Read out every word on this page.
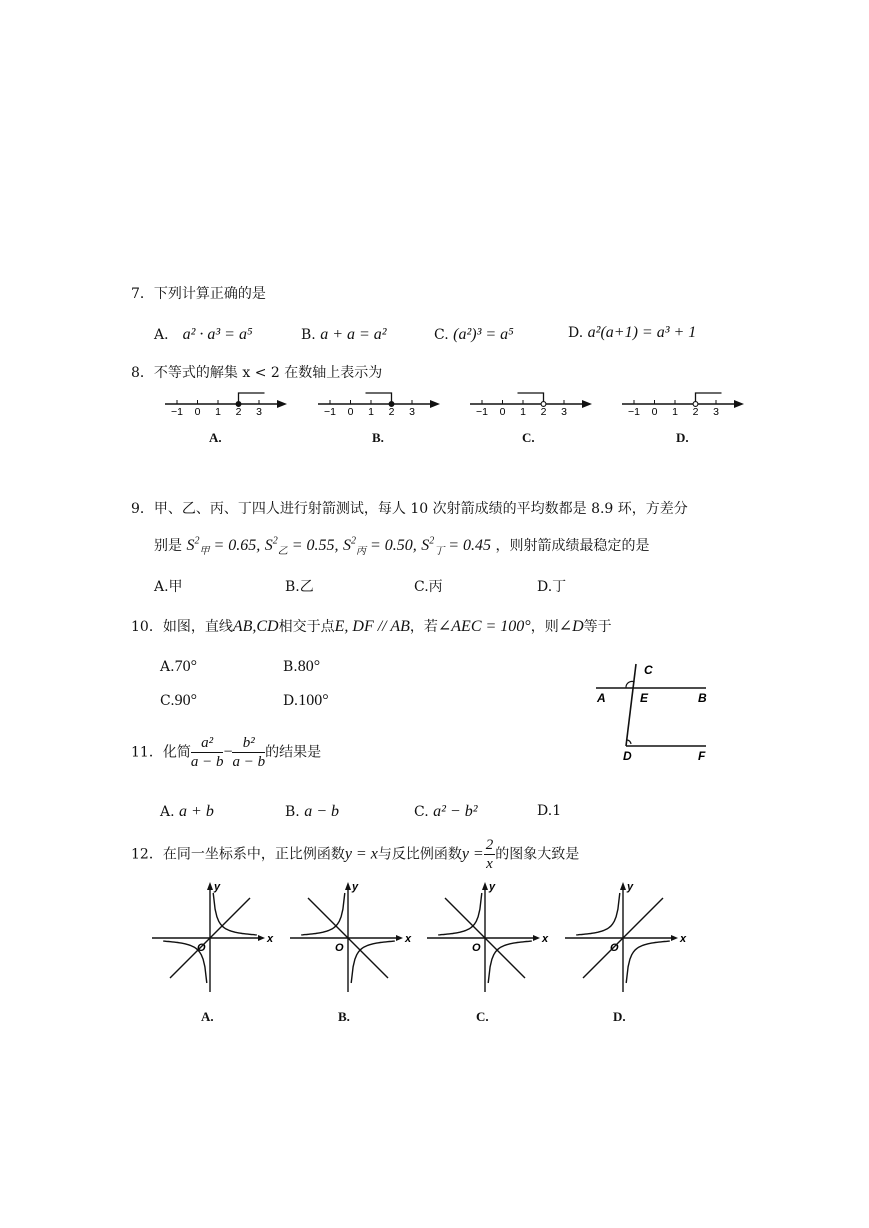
7．下列计算正确的是
A． a² · a³ = a⁵	B. a + a = a²	C. (a²)³ = a⁵	D. a²(a+1) = a³ + 1
8．不等式的解集 x < 2 在数轴上表示为
−1 0 1 2 3	−1 0 1 2 3	−1 0 1 2 3	−1 0 1 2 3
A.	B.	C.	D.
9．甲、乙、丙、丁四人进行射箭测试，每人 10 次射箭成绩的平均数都是 8.9 环，方差分
别是 $S^2_甲 = 0.65$, $S^2_乙 = 0.55$, $S^2_丙 = 0.50$, $S^2_丁 = 0.45$ ，则射箭成绩最稳定的是
A.甲	B.乙	C.丙	D.丁
10．如图，直线AB,CD相交于点E, DF // AB，若∠AEC = 100°，则∠D等于
A.70°	B.80°
C.90°	D.100°
C
A	E	B
D	F
11．化简 $\frac{\text{a²}}{a - b} - \frac{\text{b²}}{a - b}$ 的结果是
A. a + b	B. a − b	C. a² − b²	D.1
12．在同一坐标系中，正比例函数y = x与反比例函数$y = \frac{2}{x}$ 的图象大致是
x
y
O
x
y
O
x
y
O
x
y
O
A.	B.	C.	D.
